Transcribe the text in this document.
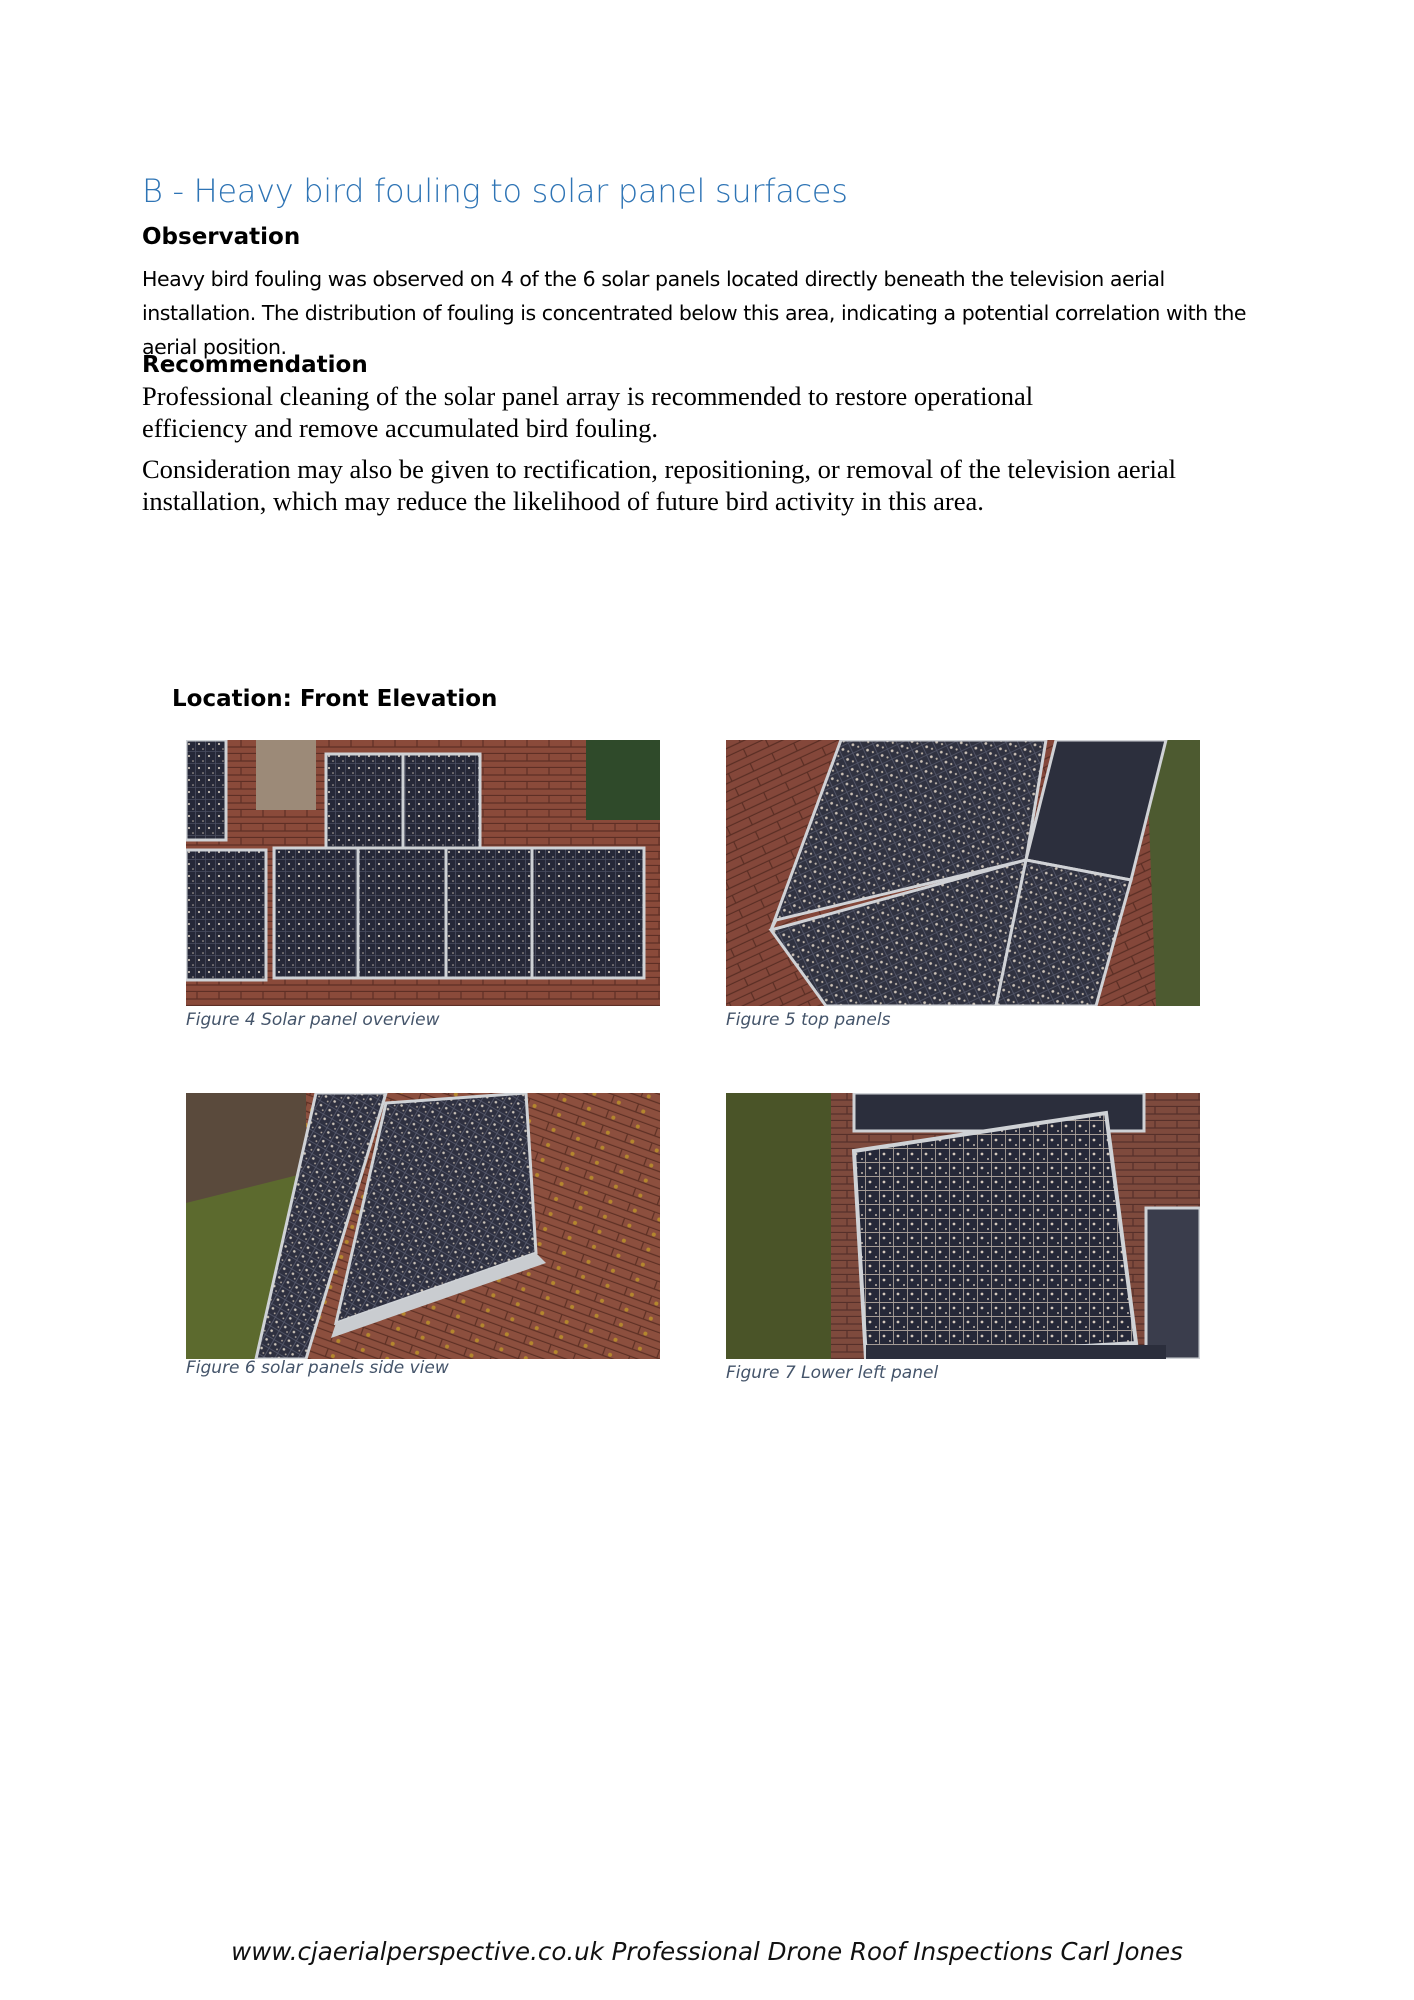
B - Heavy bird fouling to solar panel surfaces
Observation

Heavy bird fouling was observed on 4 of the 6 solar panels located directly beneath the television aerial installation. The distribution of fouling is concentrated below this area, indicating a potential correlation with the aerial position.

Recommendation

Professional cleaning of the solar panel array is recommended to restore operational efficiency and remove accumulated bird fouling.

Consideration may also be given to rectification, repositioning, or removal of the television aerial installation, which may reduce the likelihood of future bird activity in this area.

Location: Front Elevation

Figure 4 Solar panel overview	Figure 5 top panels

Figure 6 solar panels side view	Figure 7 Lower left panel

www.cjaerialperspective.co.uk Professional Drone Roof Inspections Carl Jones
